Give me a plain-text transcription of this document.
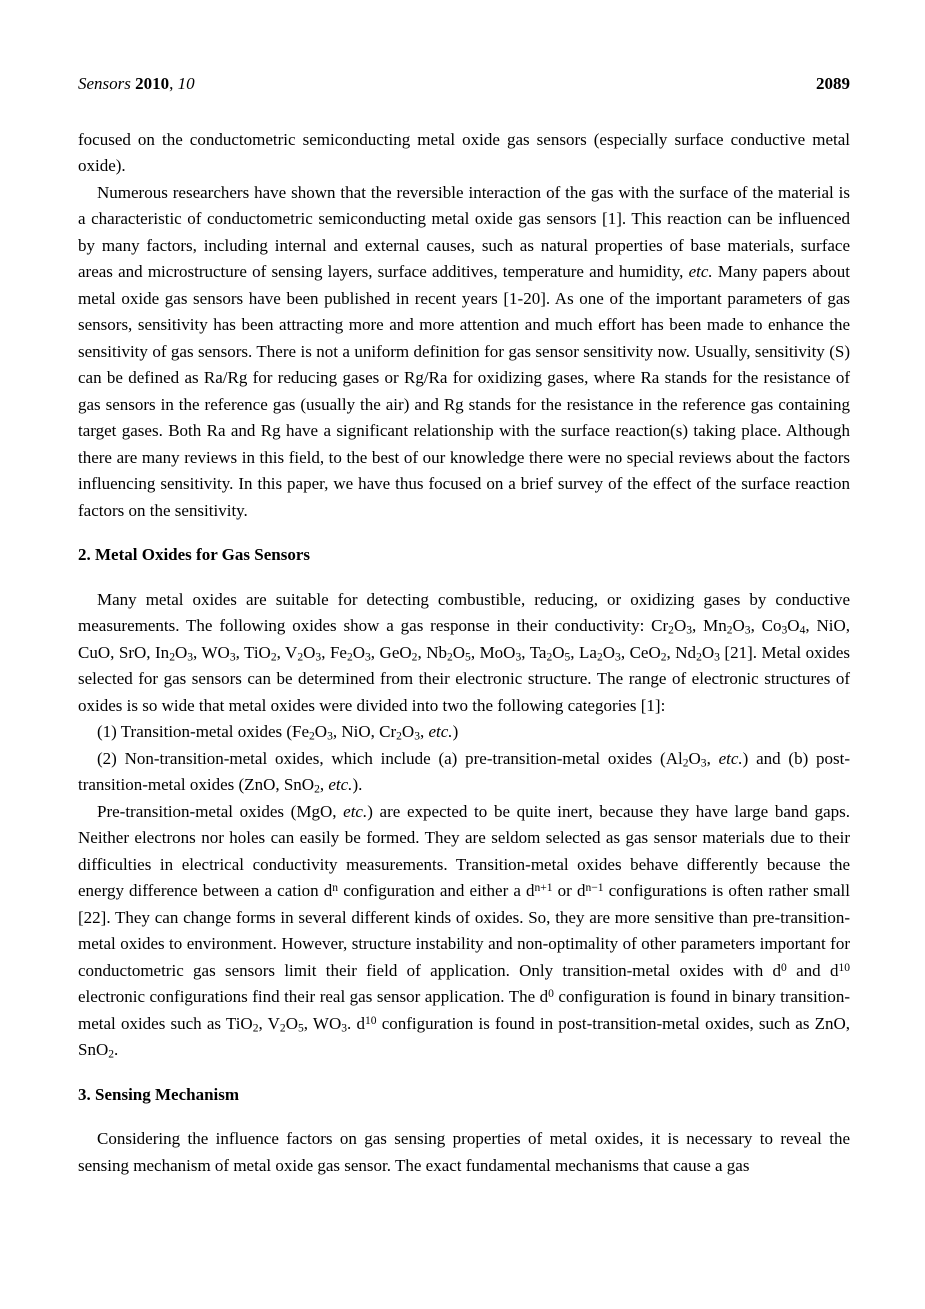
Sensors 2010, 10	2089

focused on the conductometric semiconducting metal oxide gas sensors (especially surface conductive metal oxide).

Numerous researchers have shown that the reversible interaction of the gas with the surface of the material is a characteristic of conductometric semiconducting metal oxide gas sensors [1]. This reaction can be influenced by many factors, including internal and external causes, such as natural properties of base materials, surface areas and microstructure of sensing layers, surface additives, temperature and humidity, etc. Many papers about metal oxide gas sensors have been published in recent years [1-20]. As one of the important parameters of gas sensors, sensitivity has been attracting more and more attention and much effort has been made to enhance the sensitivity of gas sensors. There is not a uniform definition for gas sensor sensitivity now. Usually, sensitivity (S) can be defined as Ra/Rg for reducing gases or Rg/Ra for oxidizing gases, where Ra stands for the resistance of gas sensors in the reference gas (usually the air) and Rg stands for the resistance in the reference gas containing target gases. Both Ra and Rg have a significant relationship with the surface reaction(s) taking place. Although there are many reviews in this field, to the best of our knowledge there were no special reviews about the factors influencing sensitivity. In this paper, we have thus focused on a brief survey of the effect of the surface reaction factors on the sensitivity.

2. Metal Oxides for Gas Sensors

Many metal oxides are suitable for detecting combustible, reducing, or oxidizing gases by conductive measurements. The following oxides show a gas response in their conductivity: $Cr_2O_3$, $Mn_2O_3$, $Co_3O_4$, NiO, CuO, SrO, $In_2O_3$, $WO_3$, TiO$_2$, $V_2O_3$, $Fe_2O_3$, GeO$_2$, $Nb_2O_5$, MoO$_3$, $Ta_2O_5$, $La_2O_3$, CeO$_2$, $Nd_2O_3$ [21]. Metal oxides selected for gas sensors can be determined from their electronic structure. The range of electronic structures of oxides is so wide that metal oxides were divided into two the following categories [1]:

(1) Transition-metal oxides ($Fe_2O_3$, NiO, $Cr_2O_3$, etc.)

(2) Non-transition-metal oxides, which include (a) pre-transition-metal oxides ($Al_2O_3$, etc.) and (b) post-transition-metal oxides (ZnO, SnO$_2$, etc.).

Pre-transition-metal oxides (MgO, etc.) are expected to be quite inert, because they have large band gaps. Neither electrons nor holes can easily be formed. They are seldom selected as gas sensor materials due to their difficulties in electrical conductivity measurements. Transition-metal oxides behave differently because the energy difference between a cation $d^n$ configuration and either a $d^{n+1}$ or $d^{n-1}$ configurations is often rather small [22]. They can change forms in several different kinds of oxides. So, they are more sensitive than pre-transition-metal oxides to environment. However, structure instability and non-optimality of other parameters important for conductometric gas sensors limit their field of application. Only transition-metal oxides with $d^0$ and $d^{10}$ electronic configurations find their real gas sensor application. The $d^0$ configuration is found in binary transition-metal oxides such as TiO$_2$, $V_2O_5$, $WO_3$. $d^{10}$ configuration is found in post-transition-metal oxides, such as ZnO, SnO$_2$.

3. Sensing Mechanism

Considering the influence factors on gas sensing properties of metal oxides, it is necessary to reveal the sensing mechanism of metal oxide gas sensor. The exact fundamental mechanisms that cause a gas
